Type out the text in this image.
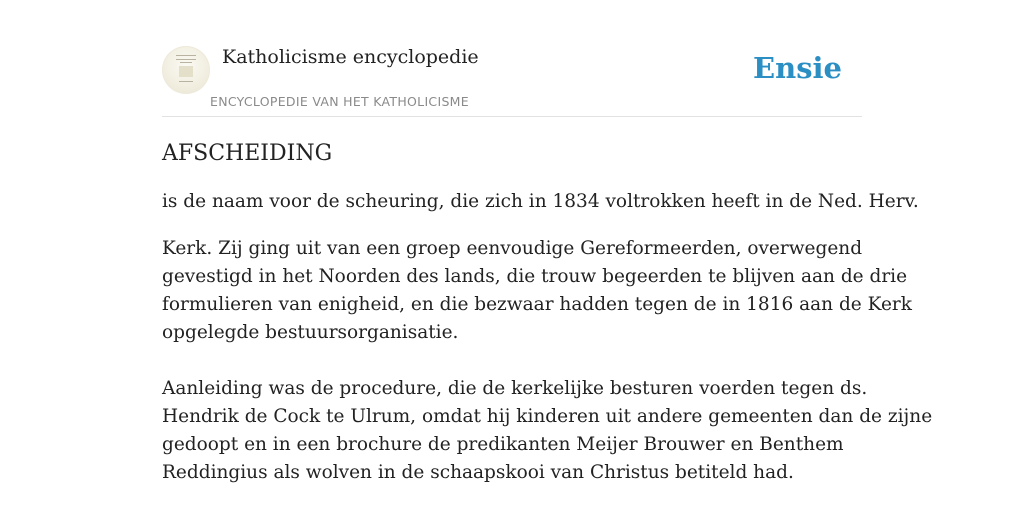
Katholicisme encyclopedie
ENCYCLOPEDIE VAN HET KATHOLICISME
Ensie
AFSCHEIDING

is de naam voor de scheuring, die zich in 1834 voltrokken heeft in de Ned. Herv.

Kerk. Zij ging uit van een groep eenvoudige Gereformeerden, overwegend
gevestigd in het Noorden des lands, die trouw begeerden te blijven aan de drie
formulieren van enigheid, en die bezwaar hadden tegen de in 1816 aan de Kerk
opgelegde bestuursorganisatie.
Aanleiding was de procedure, die de kerkelijke besturen voerden tegen ds.
Hendrik de Cock te Ulrum, omdat hij kinderen uit andere gemeenten dan de zijne
gedoopt en in een brochure de predikanten Meijer Brouwer en Benthem
Reddingius als wolven in de schaapskooi van Christus betiteld had.
